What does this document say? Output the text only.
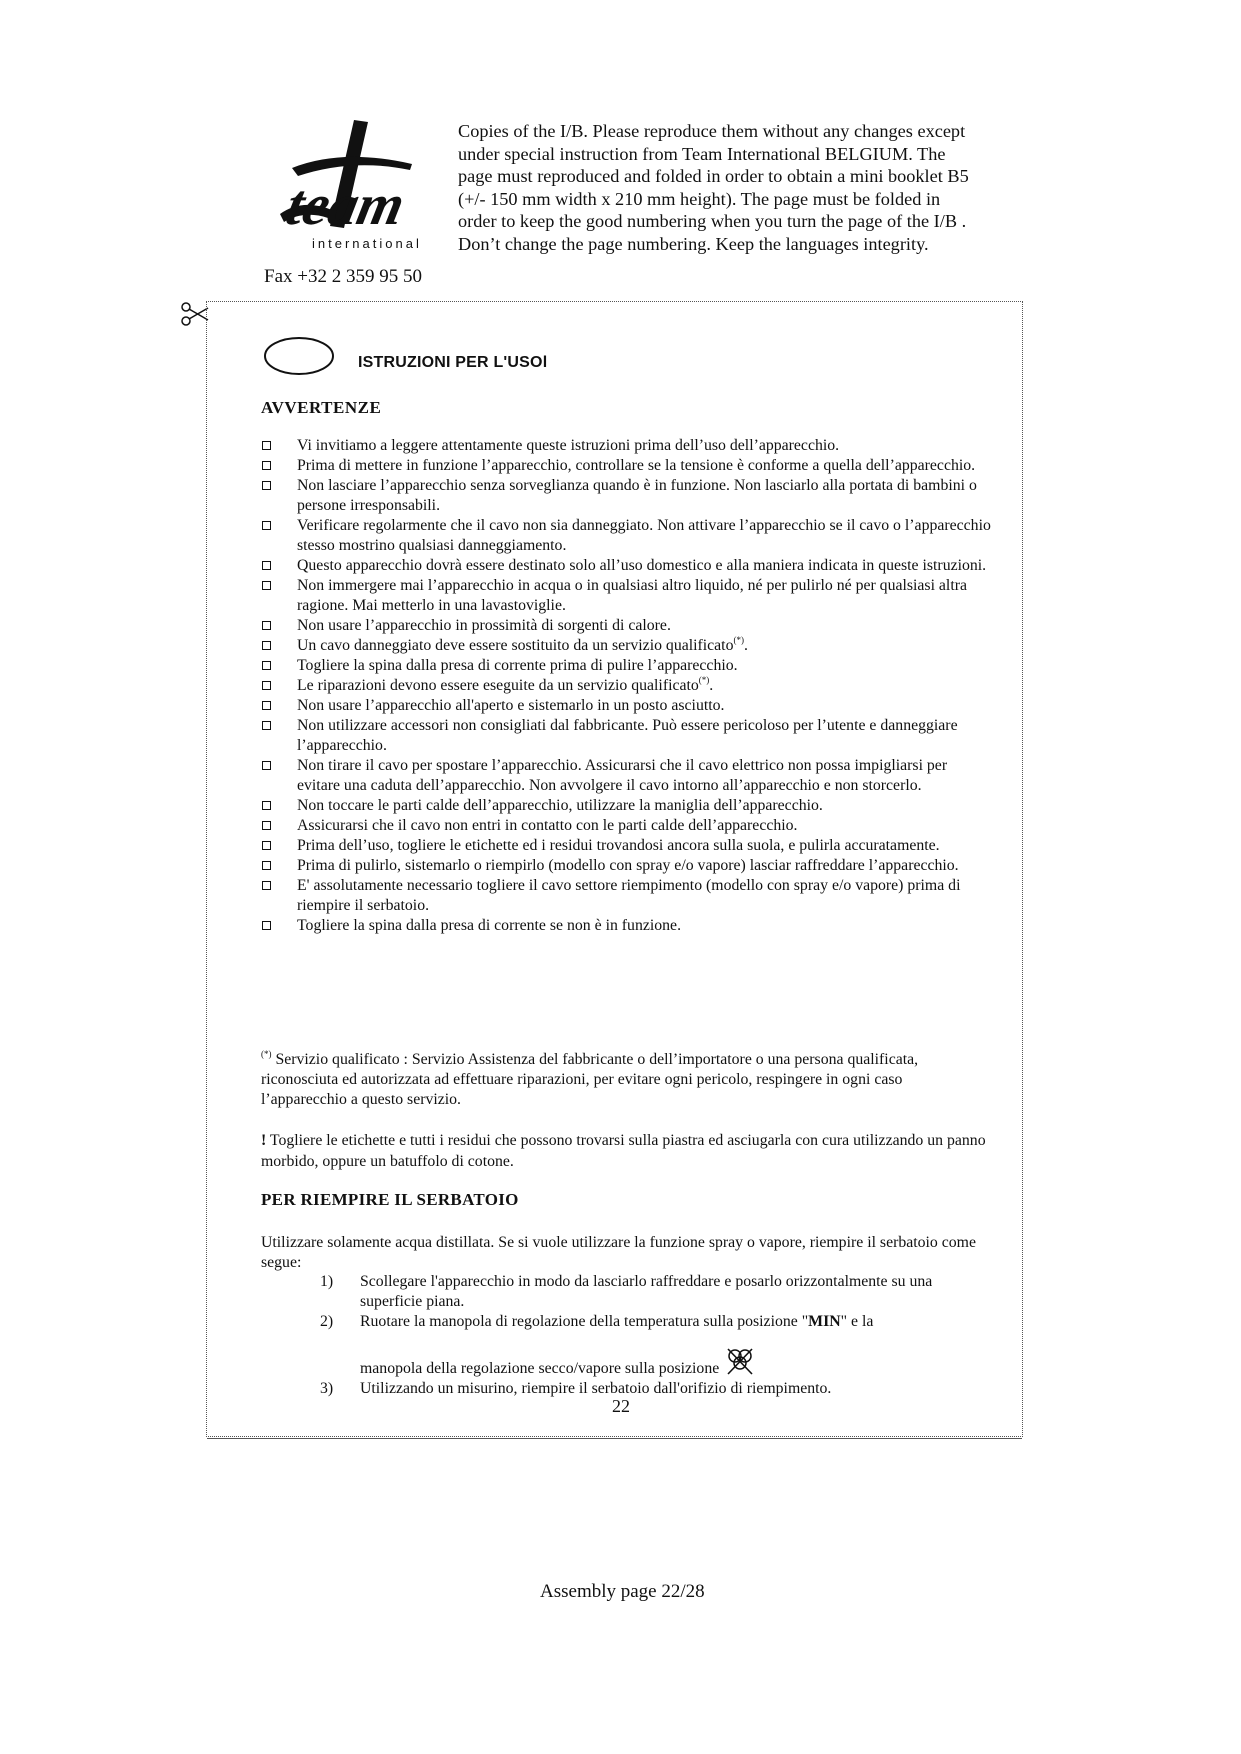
team
international
Fax +32 2 359 95 50
Copies of the I/B. Please reproduce them without any changes except under special instruction from Team International BELGIUM. The page must reproduced and folded in order to obtain a mini booklet B5 (+/- 150 mm width x 210 mm height). The page must be folded in order to keep the good numbering when you turn the page of the I/B . Don’t change the page numbering. Keep the languages integrity.
ISTRUZIONI PER L'USOl
AVVERTENZE
Vi invitiamo a leggere attentamente queste istruzioni prima dell’uso dell’apparecchio.
Prima di mettere in funzione l’apparecchio, controllare se la tensione è conforme a quella dell’apparecchio.
Non lasciare l’apparecchio senza sorveglianza quando è in funzione. Non lasciarlo alla portata di bambini o persone irresponsabili.
Verificare regolarmente che il cavo non sia danneggiato. Non attivare l’apparecchio se il cavo o l’apparecchio stesso mostrino qualsiasi danneggiamento.
Questo apparecchio dovrà essere destinato solo all’uso domestico e alla maniera indicata in queste istruzioni.
Non immergere mai l’apparecchio in acqua o in qualsiasi altro liquido, né per pulirlo né per qualsiasi altra ragione. Mai metterlo in una lavastoviglie.
Non usare l’apparecchio in prossimità di sorgenti di calore.
Un cavo danneggiato deve essere sostituito da un servizio qualificato(*).
Togliere la spina dalla presa di corrente prima di pulire l’apparecchio.
Le riparazioni devono essere eseguite da un servizio qualificato(*).
Non usare l’apparecchio all'aperto e sistemarlo in un posto asciutto.
Non utilizzare accessori non consigliati dal fabbricante. Può essere pericoloso per l’utente e danneggiare l’apparecchio.
Non tirare il cavo per spostare l’apparecchio. Assicurarsi che il cavo elettrico non possa impigliarsi per evitare una caduta dell’apparecchio. Non avvolgere il cavo intorno all’apparecchio e non storcerlo.
Non toccare le parti calde dell’apparecchio, utilizzare la maniglia dell’apparecchio.
Assicurarsi che il cavo non entri in contatto con le parti calde dell’apparecchio.
Prima dell’uso, togliere le etichette ed i residui trovandosi ancora sulla suola, e pulirla accuratamente.
Prima di pulirlo, sistemarlo o riempirlo (modello con spray e/o vapore) lasciar raffreddare l’apparecchio.
E' assolutamente necessario togliere il cavo settore riempimento (modello con spray e/o vapore) prima di riempire il serbatoio.
Togliere la spina dalla presa di corrente se non è in funzione.
(*) Servizio qualificato : Servizio Assistenza del fabbricante o dell’importatore o una persona qualificata, riconosciuta ed autorizzata ad effettuare riparazioni, per evitare ogni pericolo, respingere in ogni caso l’apparecchio a questo servizio.
! Togliere le etichette e tutti i residui che possono trovarsi sulla piastra ed asciugarla con cura utilizzando un panno morbido, oppure un batuffolo di cotone.
PER RIEMPIRE IL SERBATOIO
Utilizzare solamente acqua distillata. Se si vuole utilizzare la funzione spray o vapore, riempire il serbatoio come segue:
1) Scollegare l'apparecchio in modo da lasciarlo raffreddare e posarlo orizzontalmente su una superficie piana.
2) Ruotare la manopola di regolazione della temperatura sulla posizione "MIN" e la
manopola della regolazione secco/vapore sulla posizione
3) Utilizzando un misurino, riempire il serbatoio dall'orifizio di riempimento.
22
Assembly page 22/28
